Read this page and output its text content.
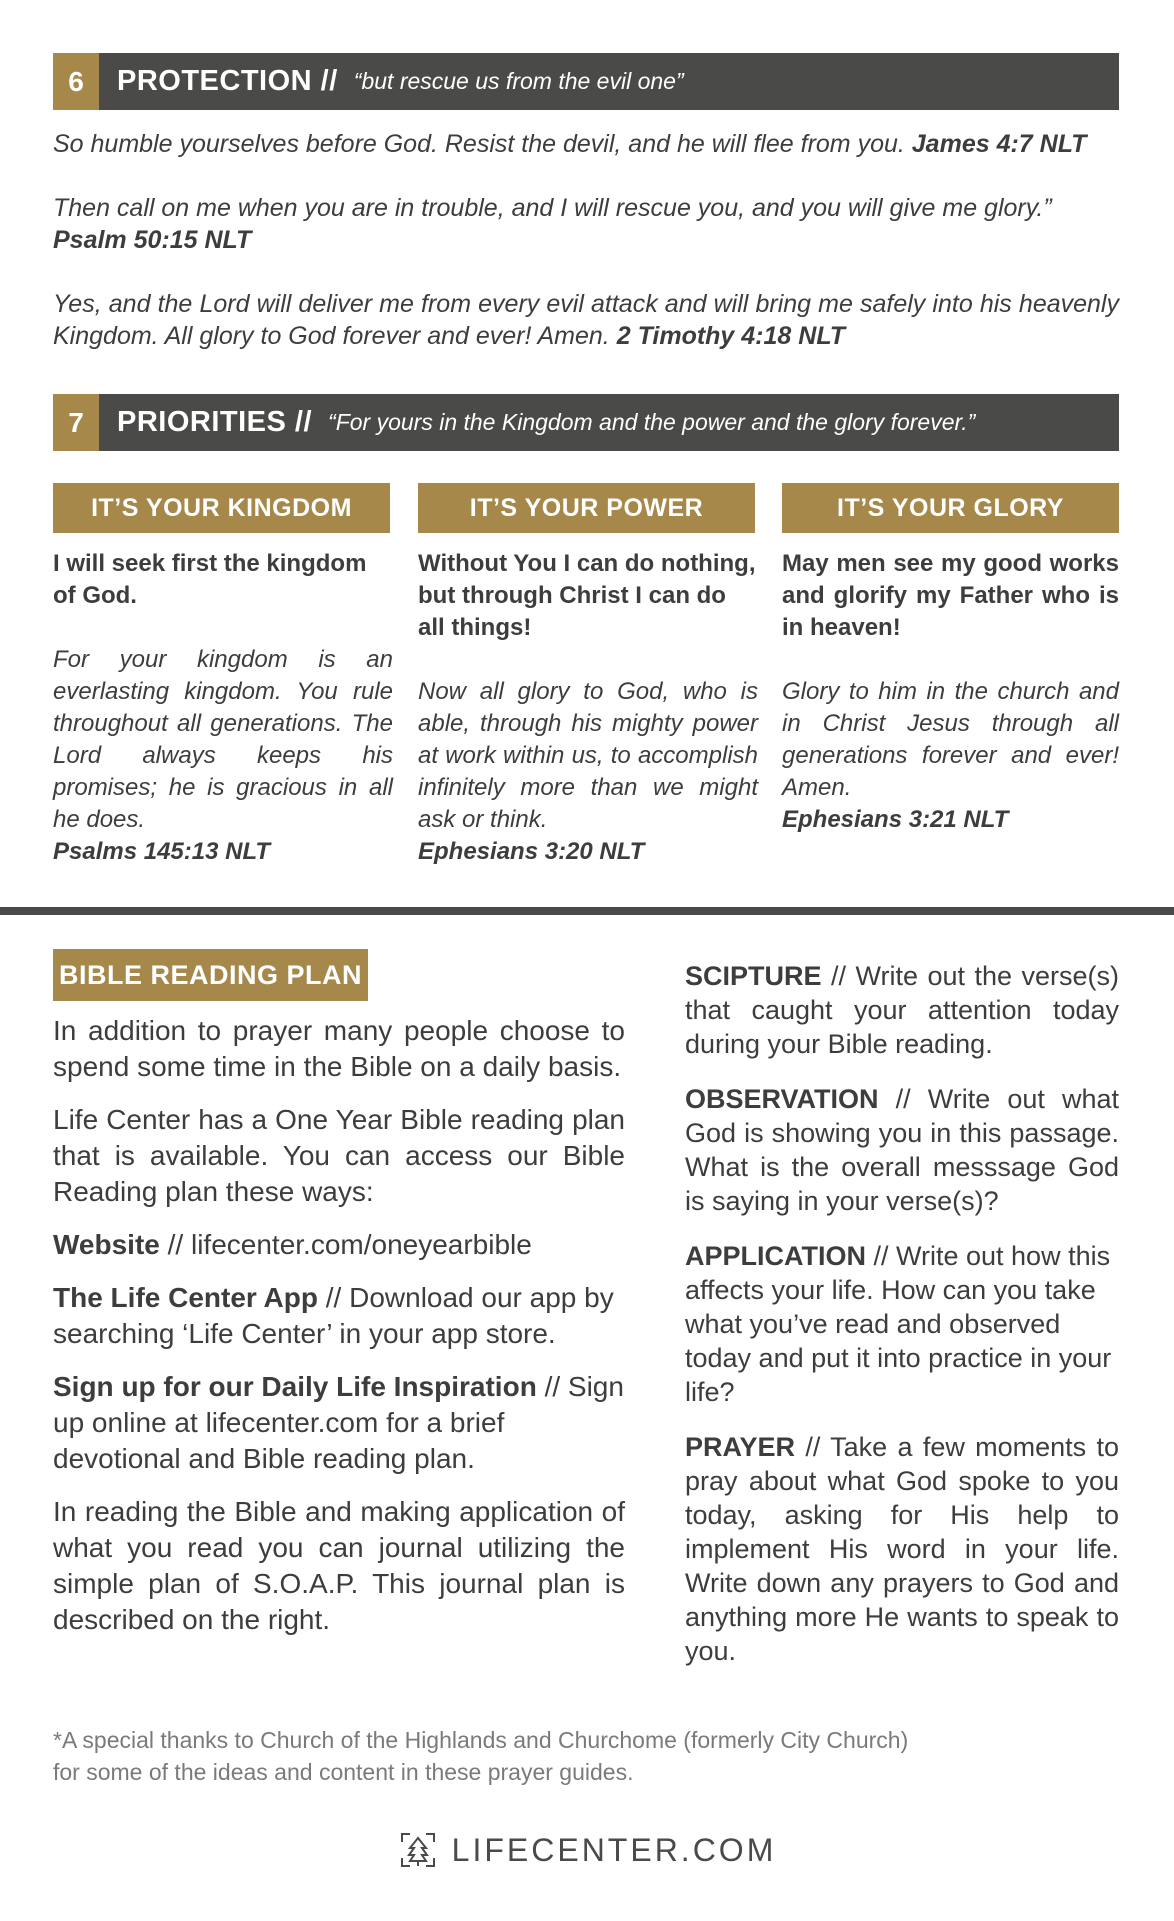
6	PROTECTION // “but rescue us from the evil one”

So humble yourselves before God. Resist the devil, and he will flee from you. James 4:7 NLT

Then call on me when you are in trouble, and I will rescue you, and you will give me glory.”
Psalm 50:15 NLT

Yes, and the Lord will deliver me from every evil attack and will bring me safely into his heavenly Kingdom. All glory to God forever and ever! Amen. 2 Timothy 4:18 NLT

7	PRIORITIES // “For yours in the Kingdom and the power and the glory forever.”
IT’S YOUR KINGDOM	IT’S YOUR POWER	IT’S YOUR GLORY

I will seek first the kingdom of God.

For your kingdom is an everlasting kingdom. You rule throughout all generations. The Lord always keeps his promises; he is gracious in all he does.

Psalms 145:13 NLT

Without You I can do nothing, but through Christ I can do all things!

Now all glory to God, who is able, through his mighty power at work within us, to accomplish infinitely more than we might ask or think.

Ephesians 3:20 NLT

May men see my good works and glorify my Father who is in heaven!

Glory to him in the church and in Christ Jesus through all generations forever and ever! Amen.

Ephesians 3:21 NLT

BIBLE READING PLAN

In addition to prayer many people choose to spend some time in the Bible on a daily basis.

Life Center has a One Year Bible reading plan that is available. You can access our Bible Reading plan these ways:

Website // lifecenter.com/oneyearbible

The Life Center App // Download our app by searching ‘Life Center’ in your app store.

Sign up for our Daily Life Inspiration // Sign up online at lifecenter.com for a brief devotional and Bible reading plan.

In reading the Bible and making application of what you read you can journal utilizing the simple plan of S.O.A.P. This journal plan is described on the right.

SCIPTURE // Write out the verse(s) that caught your attention today during your Bible reading.

OBSERVATION // Write out what God is showing you in this passage. What is the overall messsage God is saying in your verse(s)?

APPLICATION // Write out how this affects your life. How can you take what you’ve read and observed today and put it into practice in your life?

PRAYER // Take a few moments to pray about what God spoke to you today, asking for His help to implement His word in your life. Write down any prayers to God and anything more He wants to speak to you.

*A special thanks to Church of the Highlands and Churchome (formerly City Church)
for some of the ideas and content in these prayer guides.
LIFECENTER.COM
